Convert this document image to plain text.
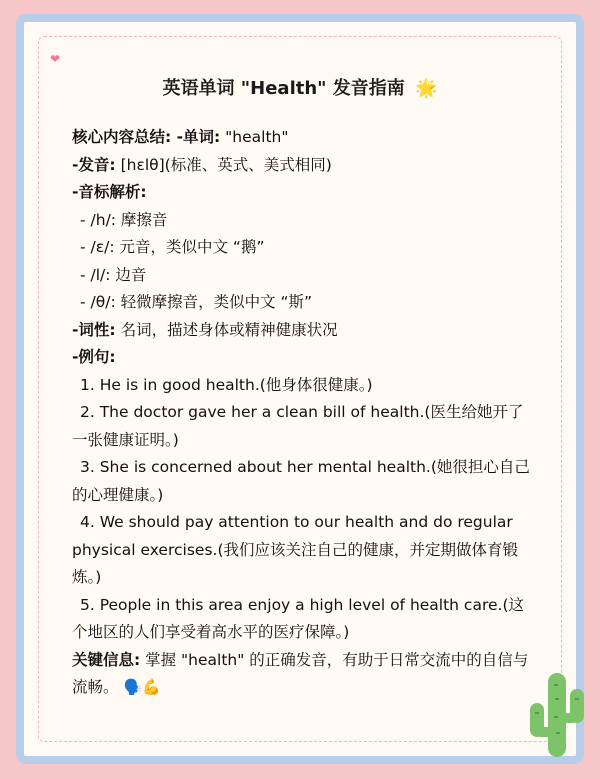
❤
英语单词 "Health" 发音指南 🌟
核心内容总结: -单词: "health"
-发音: [hɛlθ](标准、英式、美式相同)
-音标解析:
- /h/: 摩擦音
- /ɛ/: 元音，类似中文 “鹅”
- /l/: 边音
- /θ/: 轻微摩擦音，类似中文 “斯”
-词性: 名词，描述身体或精神健康状况
-例句:
1. He is in good health.(他身体很健康。)
2. The doctor gave her a clean bill of health.(医生给她开了一张健康证明。)
3. She is concerned about her mental health.(她很担心自己的心理健康。)
4. We should pay attention to our health and do regular physical exercises.(我们应该关注自己的健康，并定期做体育锻炼。)
5. People in this area enjoy a high level of health care.(这个地区的人们享受着高水平的医疗保障。)
关键信息: 掌握 "health" 的正确发音，有助于日常交流中的自信与流畅。 🗣️💪
